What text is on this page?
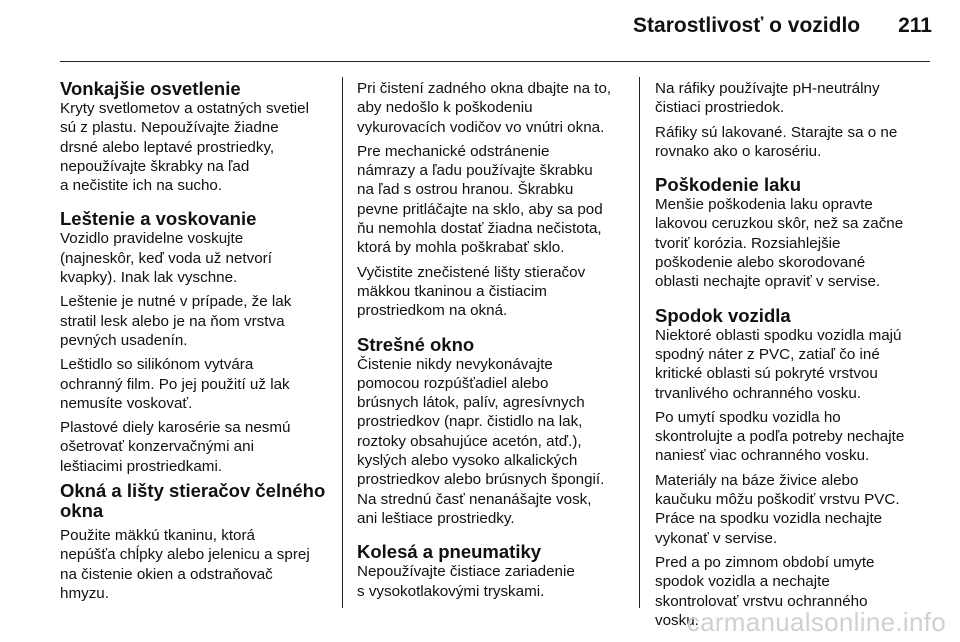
Starostlivosť o vozidlo 211
Vonkajšie osvetlenie

Kryty svetlometov a ostatných svetiel
sú z plastu. Nepoužívajte žiadne
drsné alebo leptavé prostriedky,
nepoužívajte škrabky na ľad
a nečistite ich na sucho.

Leštenie a voskovanie

Vozidlo pravidelne voskujte
(najneskôr, keď voda už netvorí
kvapky). Inak lak vyschne.

Leštenie je nutné v prípade, že lak
stratil lesk alebo je na ňom vrstva
pevných usadenín.

Leštidlo so silikónom vytvára
ochranný film. Po jej použití už lak
nemusíte voskovať.

Plastové diely karosérie sa nesmú
ošetrovať konzervačnými ani
leštiacimi prostriedkami.

Okná a lišty stieračov čelného
okna

Použite mäkkú tkaninu, ktorá
nepúšťa chĺpky alebo jelenicu a sprej
na čistenie okien a odstraňovač
hmyzu.

Pri čistení zadného okna dbajte na to,
aby nedošlo k poškodeniu
vykurovacích vodičov vo vnútri okna.

Pre mechanické odstránenie
námrazy a ľadu používajte škrabku
na ľad s ostrou hranou. Škrabku
pevne pritláčajte na sklo, aby sa pod
ňu nemohla dostať žiadna nečistota,
ktorá by mohla poškrabať sklo.

Vyčistite znečistené lišty stieračov
mäkkou tkaninou a čistiacim
prostriedkom na okná.

Strešné okno

Čistenie nikdy nevykonávajte
pomocou rozpúšťadiel alebo
brúsnych látok, palív, agresívnych
prostriedkov (napr. čistidlo na lak,
roztoky obsahujúce acetón, atď.),
kyslých alebo vysoko alkalických
prostriedkov alebo brúsnych špongií.
Na strednú časť nenanášajte vosk,
ani leštiace prostriedky.

Kolesá a pneumatiky

Nepoužívajte čistiace zariadenie
s vysokotlakovými tryskami.

Na ráfiky používajte pH-neutrálny
čistiaci prostriedok.

Ráfiky sú lakované. Starajte sa o ne
rovnako ako o karosériu.

Poškodenie laku

Menšie poškodenia laku opravte
lakovou ceruzkou skôr, než sa začne
tvoriť korózia. Rozsiahlejšie
poškodenie alebo skorodované
oblasti nechajte opraviť v servise.

Spodok vozidla

Niektoré oblasti spodku vozidla majú
spodný náter z PVC, zatiaľ čo iné
kritické oblasti sú pokryté vrstvou
trvanlivého ochranného vosku.

Po umytí spodku vozidla ho
skontrolujte a podľa potreby nechajte
naniesť viac ochranného vosku.

Materiály na báze živice alebo
kaučuku môžu poškodiť vrstvu PVC.
Práce na spodku vozidla nechajte
vykonať v servise.

Pred a po zimnom období umyte
spodok vozidla a nechajte
skontrolovať vrstvu ochranného
vosku.

carmanualsonline.info
